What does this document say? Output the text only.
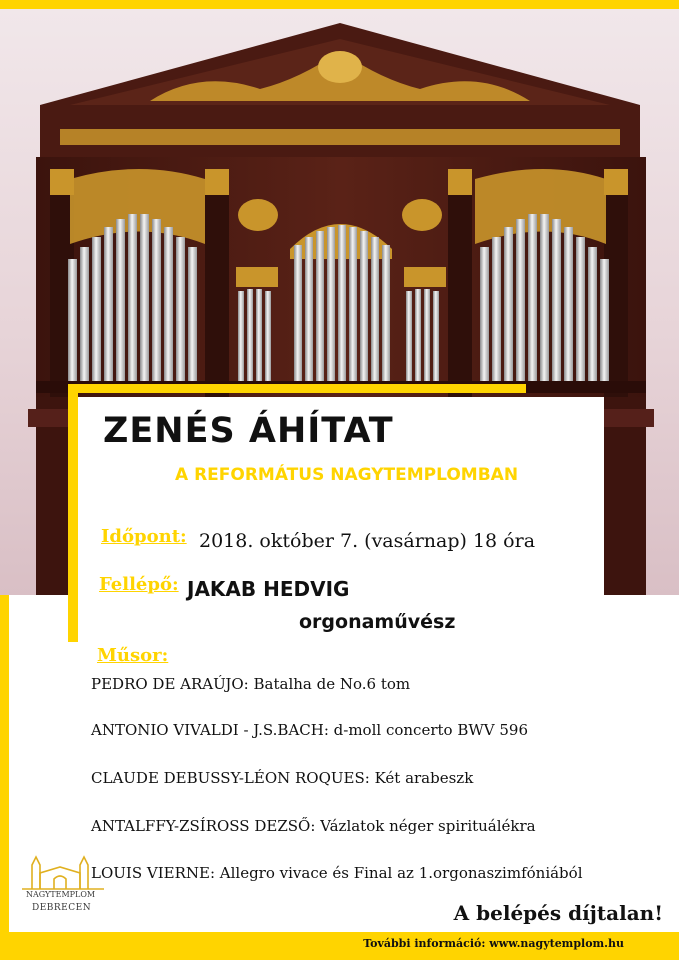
ZENÉS ÁHÍTAT
A REFORMÁTUS NAGYTEMPLOMBAN
Időpont: 2018. október 7. (vasárnap) 18 óra
Fellépő: JAKAB HEDVIG
orgonaművész
Műsor:
PEDRO DE ARAÚJO: Batalha de No.6 tom
ANTONIO VIVALDI - J.S.BACH: d-moll concerto BWV 596
CLAUDE DEBUSSY-LÉON ROQUES: Két arabeszk
ANTALFFY-ZSÍROSS DEZSŐ: Vázlatok néger spirituálékra
LOUIS VIERNE: Allegro vivace és Final az 1.orgonaszimfóniából
NAGYTEMPLOM
DEBRECEN	A belépés díjtalan!
További információ: www.nagytemplom.hu
